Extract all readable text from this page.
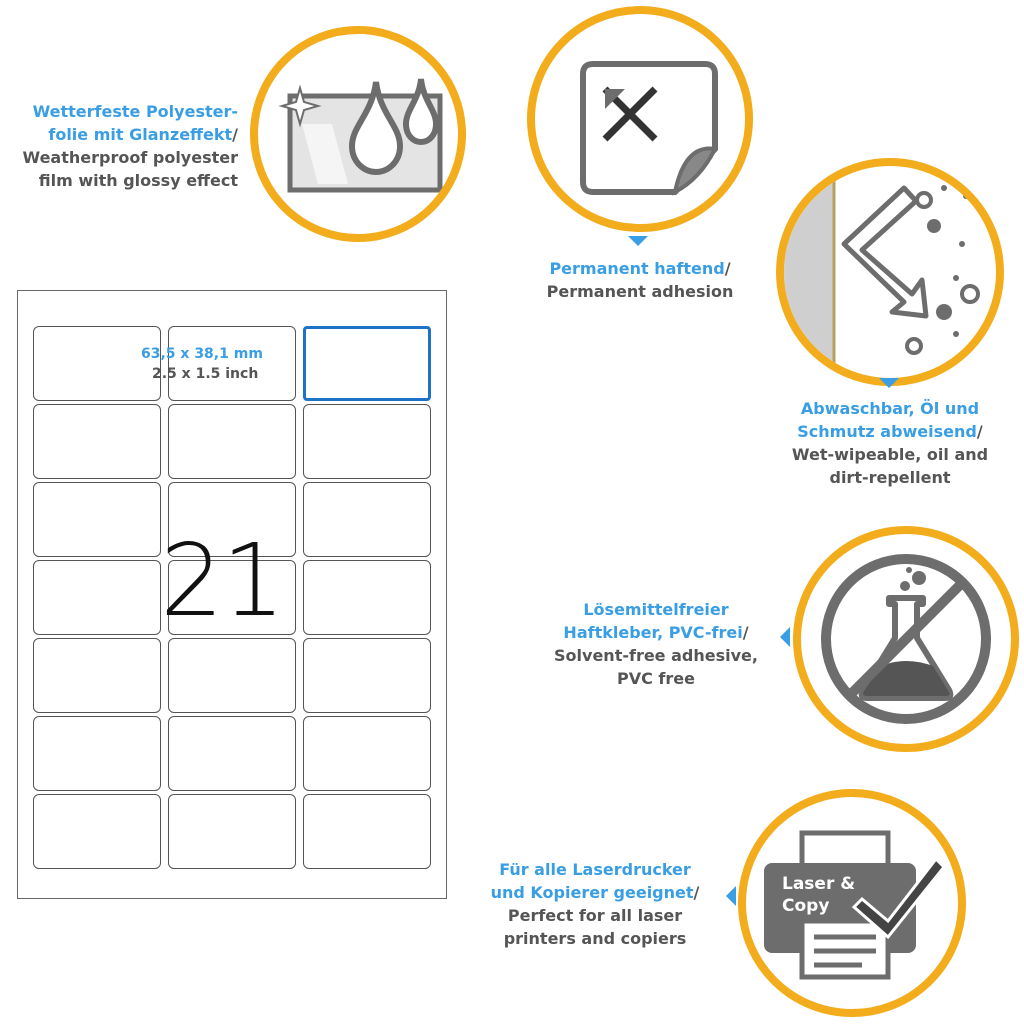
Wetterfeste Polyester-
folie mit Glanzeffekt/
Weatherproof polyester
film with glossy effect
Permanent haftend/
Permanent adhesion
Abwaschbar, Öl und
Schmutz abweisend/
Wet-wipeable, oil and
dirt-repellent
Lösemittelfreier
Haftkleber, PVC-frei/
Solvent-free adhesive,
PVC free
Für alle Laserdrucker
und Kopierer geeignet/
Perfect for all laser
printers and copiers
Laser &
Copy
63,5 x 38,1 mm
2.5 x 1.5 inch
21
